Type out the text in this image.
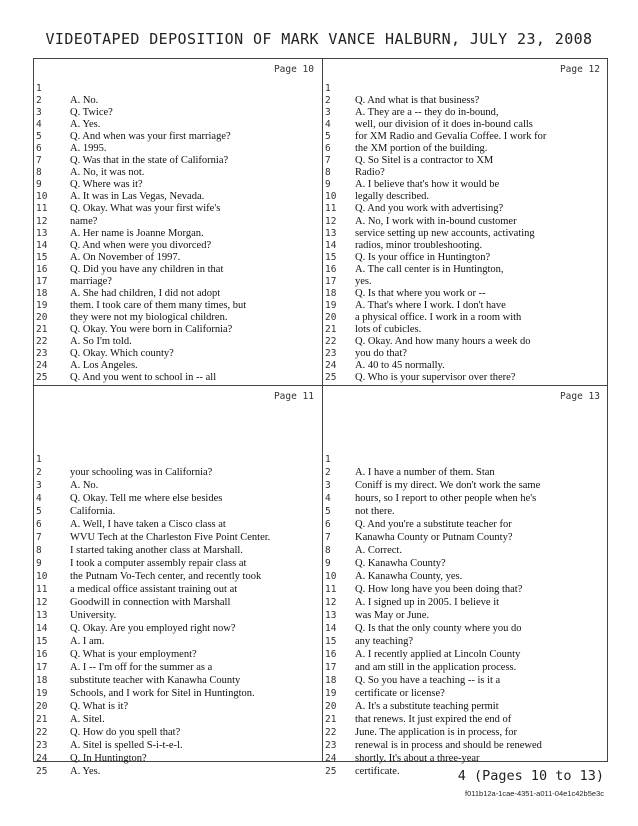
VIDEOTAPED DEPOSITION OF MARK VANCE HALBURN, JULY 23, 2008
Page 10
1
2	A. No.
3	Q. Twice?
4	A. Yes.
5	Q. And when was your first marriage?
6	A. 1995.
7	Q. Was that in the state of California?
8	A. No, it was not.
9	Q. Where was it?
10	A. It was in Las Vegas, Nevada.
11	Q. Okay. What was your first wife's
12	name?
13	A. Her name is Joanne Morgan.
14	Q. And when were you divorced?
15	A. On November of 1997.
16	Q. Did you have any children in that
17	marriage?
18	A. She had children, I did not adopt
19	them. I took care of them many times, but
20	they were not my biological children.
21	Q. Okay. You were born in California?
22	A. So I'm told.
23	Q. Okay. Which county?
24	A. Los Angeles.
25	Q. And you went to school in -- all
Page 12
1
2	Q. And what is that business?
3	A. They are a -- they do in-bound,
4	well, our division of it does in-bound calls
5	for XM Radio and Gevalia Coffee. I work for
6	the XM portion of the building.
7	Q. So Sitel is a contractor to XM
8	Radio?
9	A. I believe that's how it would be
10	legally described.
11	Q. And you work with advertising?
12	A. No, I work with in-bound customer
13	service setting up new accounts, activating
14	radios, minor troubleshooting.
15	Q. Is your office in Huntington?
16	A. The call center is in Huntington,
17	yes.
18	Q. Is that where you work or --
19	A. That's where I work. I don't have
20	a physical office. I work in a room with
21	lots of cubicles.
22	Q. Okay. And how many hours a week do
23	you do that?
24	A. 40 to 45 normally.
25	Q. Who is your supervisor over there?
Page 11
1
2	your schooling was in California?
3	A. No.
4	Q. Okay. Tell me where else besides
5	California.
6	A. Well, I have taken a Cisco class at
7	WVU Tech at the Charleston Five Point Center.
8	I started taking another class at Marshall.
9	I took a computer assembly repair class at
10	the Putnam Vo-Tech center, and recently took
11	a medical office assistant training out at
12	Goodwill in connection with Marshall
13	University.
14	Q. Okay. Are you employed right now?
15	A. I am.
16	Q. What is your employment?
17	A. I -- I'm off for the summer as a
18	substitute teacher with Kanawha County
19	Schools, and I work for Sitel in Huntington.
20	Q. What is it?
21	A. Sitel.
22	Q. How do you spell that?
23	A. Sitel is spelled S-i-t-e-l.
24	Q. In Huntington?
25	A. Yes.
Page 13
1
2	A. I have a number of them. Stan
3	Coniff is my direct. We don't work the same
4	hours, so I report to other people when he's
5	not there.
6	Q. And you're a substitute teacher for
7	Kanawha County or Putnam County?
8	A. Correct.
9	Q. Kanawha County?
10	A. Kanawha County, yes.
11	Q. How long have you been doing that?
12	A. I signed up in 2005. I believe it
13	was May or June.
14	Q. Is that the only county where you do
15	any teaching?
16	A. I recently applied at Lincoln County
17	and am still in the application process.
18	Q. So you have a teaching -- is it a
19	certificate or license?
20	A. It's a substitute teaching permit
21	that renews. It just expired the end of
22	June. The application is in process, for
23	renewal is in process and should be renewed
24	shortly. It's about a three-year
25	certificate.	4 (Pages 10 to 13)
f011b12a-1cae-4351-a011-04e1c42b5e3c
